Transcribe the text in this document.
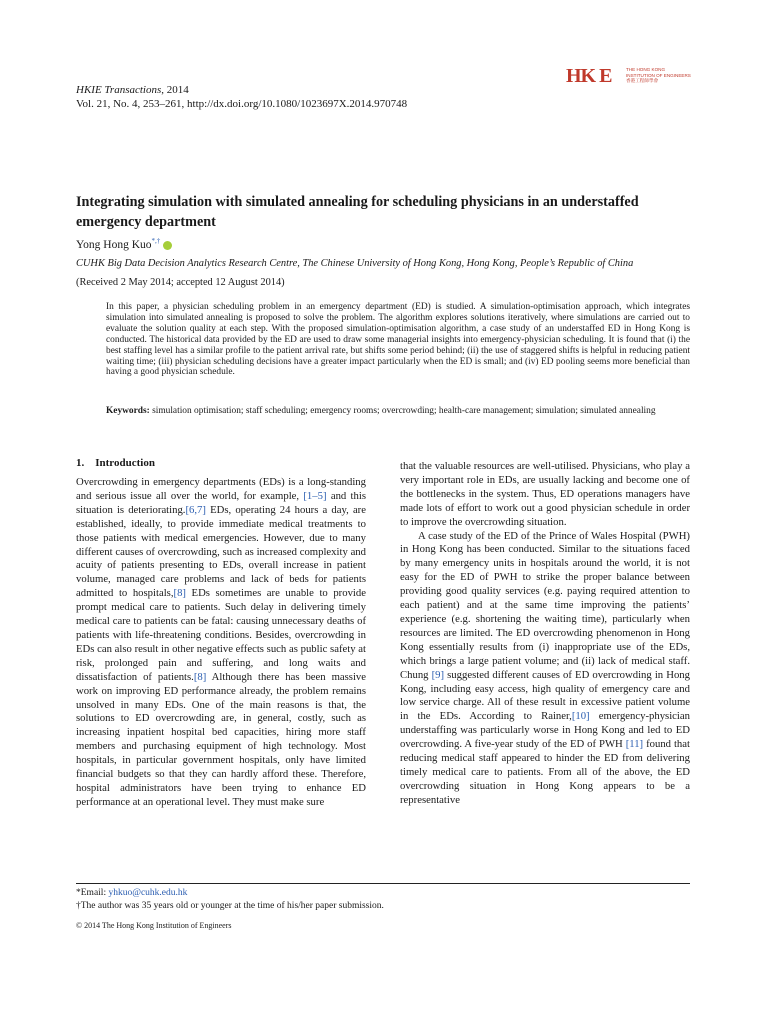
HKIE Transactions, 2014
Vol. 21, No. 4, 253–261, http://dx.doi.org/10.1080/1023697X.2014.970748
HK E	THE HONG KONG
INSTITUTION OF ENGINEERS
香港工程師學會
Integrating simulation with simulated annealing for scheduling physicians in an understaffed emergency department
Yong Hong Kuo*,†
CUHK Big Data Decision Analytics Research Centre, The Chinese University of Hong Kong, Hong Kong, People’s Republic of China
(Received 2 May 2014; accepted 12 August 2014)
In this paper, a physician scheduling problem in an emergency department (ED) is studied. A simulation-optimisation approach, which integrates simulation into simulated annealing is proposed to solve the problem. The algorithm explores solutions iteratively, where simulations are carried out to evaluate the solution quality at each step. With the proposed simulation-optimisation algorithm, a case study of an understaffed ED in Hong Kong is conducted. The historical data provided by the ED are used to draw some managerial insights into emergency-physician scheduling. It is found that (i) the best staffing level has a similar profile to the patient arrival rate, but shifts some period behind; (ii) the use of staggered shifts is helpful in reducing patient waiting time; (iii) physician scheduling decisions have a greater impact particularly when the ED is small; and (iv) ED pooling seems more beneficial than having a good physician schedule.
Keywords: simulation optimisation; staff scheduling; emergency rooms; overcrowding; health-care management; simulation; simulated annealing
1.    Introduction

Overcrowding in emergency departments (EDs) is a long-standing and serious issue all over the world, for example, [1–5] and this situation is deteriorating.[6,7] EDs, operating 24 hours a day, are established, ideally, to provide immediate medical treatments to those patients with medical emergencies. However, due to many different causes of overcrowding, such as increased complexity and acuity of patients presenting to EDs, overall increase in patient volume, managed care problems and lack of beds for patients admitted to hospitals,[8] EDs sometimes are unable to provide prompt medical care to patients. Such delay in delivering timely medical care to patients can be fatal: causing unnecessary deaths of patients with life-threatening conditions. Besides, overcrowding in EDs can also result in other negative effects such as public safety at risk, prolonged pain and suffering, and long waits and dissatisfaction of patients.[8] Although there has been massive work on improving ED performance already, the problem remains unsolved in many EDs. One of the main reasons is that, the solutions to ED overcrowding are, in general, costly, such as increasing inpatient hospital bed capacities, hiring more staff members and purchasing equipment of high technology. Most hospitals, in particular government hospitals, only have limited financial budgets so that they can hardly afford these. Therefore, hospital administrators have been trying to enhance ED performance at an operational level. They must make sure

that the valuable resources are well-utilised. Physicians, who play a very important role in EDs, are usually lacking and become one of the bottlenecks in the system. Thus, ED operations managers have made lots of effort to work out a good physician schedule in order to improve the overcrowding situation.

A case study of the ED of the Prince of Wales Hospital (PWH) in Hong Kong has been conducted. Similar to the situations faced by many emergency units in hospitals around the world, it is not easy for the ED of PWH to strike the proper balance between providing good quality services (e.g. paying required attention to each patient) and at the same time improving the patients’ experience (e.g. shortening the waiting time), particularly when resources are limited. The ED overcrowding phenomenon in Hong Kong essentially results from (i) inappropriate use of the EDs, which brings a large patient volume; and (ii) lack of medical staff. Chung [9] suggested different causes of ED overcrowding in Hong Kong, including easy access, high quality of emergency care and low service charge. All of these result in excessive patient volume in the EDs. According to Rainer,[10] emergency-physician understaffing was particularly worse in Hong Kong and led to ED overcrowding. A five-year study of the ED of PWH [11] found that reducing medical staff appeared to hinder the ED from delivering timely medical care to patients. From all of the above, the ED overcrowding situation in Hong Kong appears to be a representative

*Email: yhkuo@cuhk.edu.hk
†The author was 35 years old or younger at the time of his/her paper submission.
© 2014 The Hong Kong Institution of Engineers
